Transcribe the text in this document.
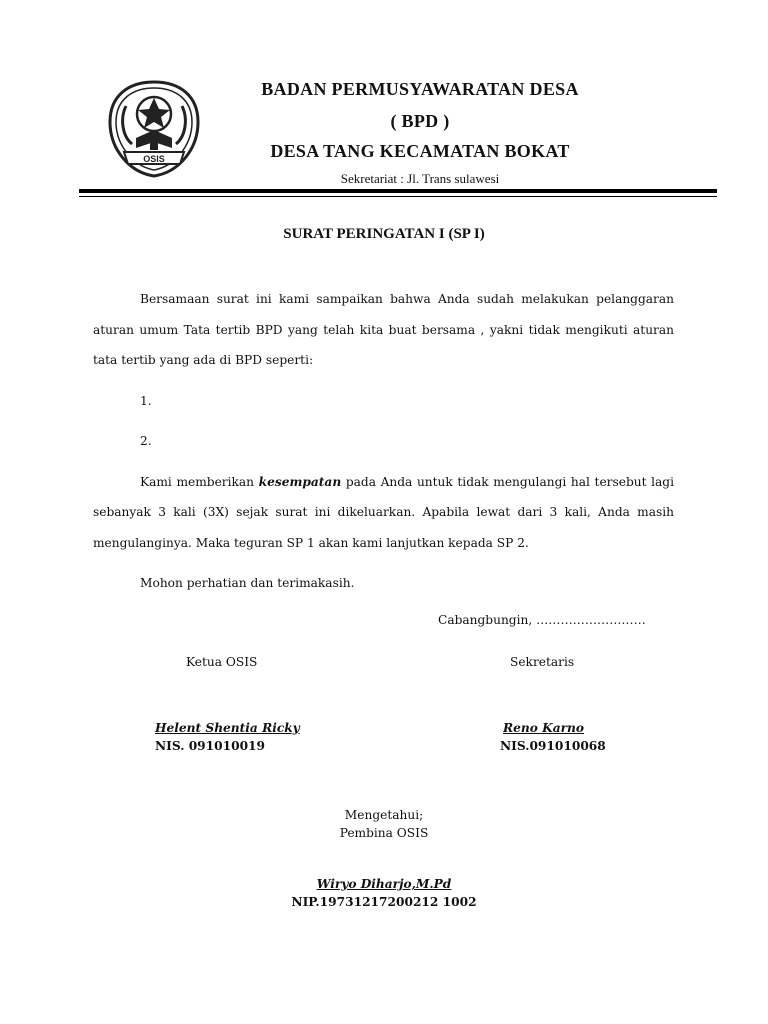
OSIS
BADAN PERMUSYAWARATAN DESA
( BPD )
DESA TANG KECAMATAN BOKAT
Sekretariat : Jl. Trans sulawesi
SURAT PERINGATAN I (SP I)

Bersamaan surat ini kami sampaikan bahwa Anda sudah melakukan pelanggaran aturan umum Tata tertib BPD yang telah kita buat bersama , yakni tidak mengikuti aturan tata tertib yang ada di BPD seperti:

1.

2.

Kami memberikan kesempatan pada Anda untuk tidak mengulangi hal tersebut lagi sebanyak 3 kali (3X) sejak surat ini dikeluarkan. Apabila lewat dari 3 kali, Anda masih mengulanginya. Maka teguran SP 1 akan kami lanjutkan kepada SP 2.

Mohon perhatian dan terimakasih.

Cabangbungin, ………………………
Ketua OSIS	Sekretaris
Helent Shentia Ricky
NIS. 091010019
Reno Karno
NIS.091010068
Mengetahui;
Pembina OSIS
Wiryo Diharjo,M.Pd
NIP.19731217200212 1002
